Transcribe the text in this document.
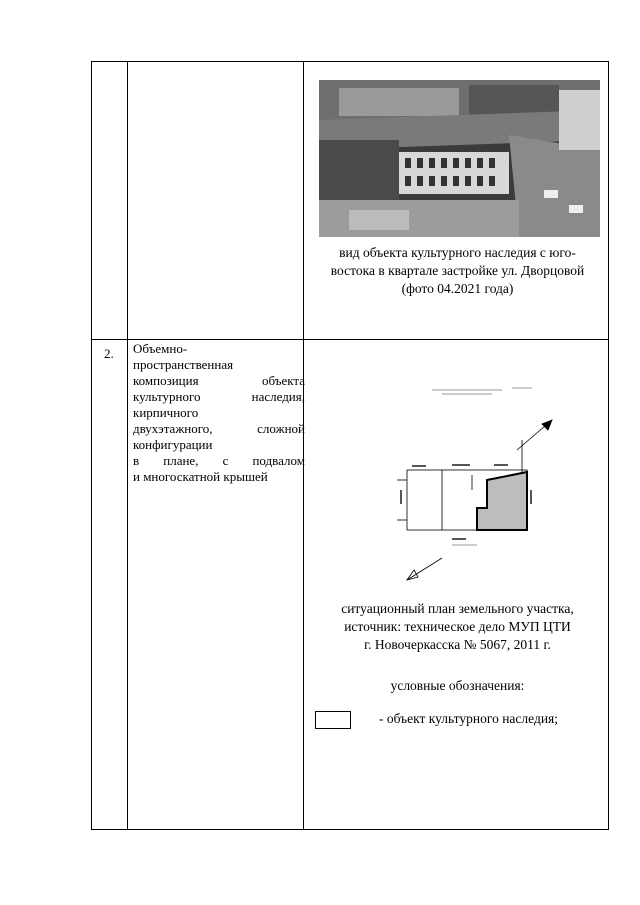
вид объекта культурного наследия с юго-
востока в квартале застройке ул. Дворцовой
(фото 04.2021 года)
2. Объемно-

пространственная

композиция объекта

культурного наследия,

кирпичного

двухэтажного, сложной

конфигурации

в плане, с подвалом

и многоскатной крышей

ситуационный план земельного участка,
источник: техническое дело МУП ЦТИ
г. Новочеркасска № 5067, 2011 г.
условные обозначения:
- объект культурного наследия;
